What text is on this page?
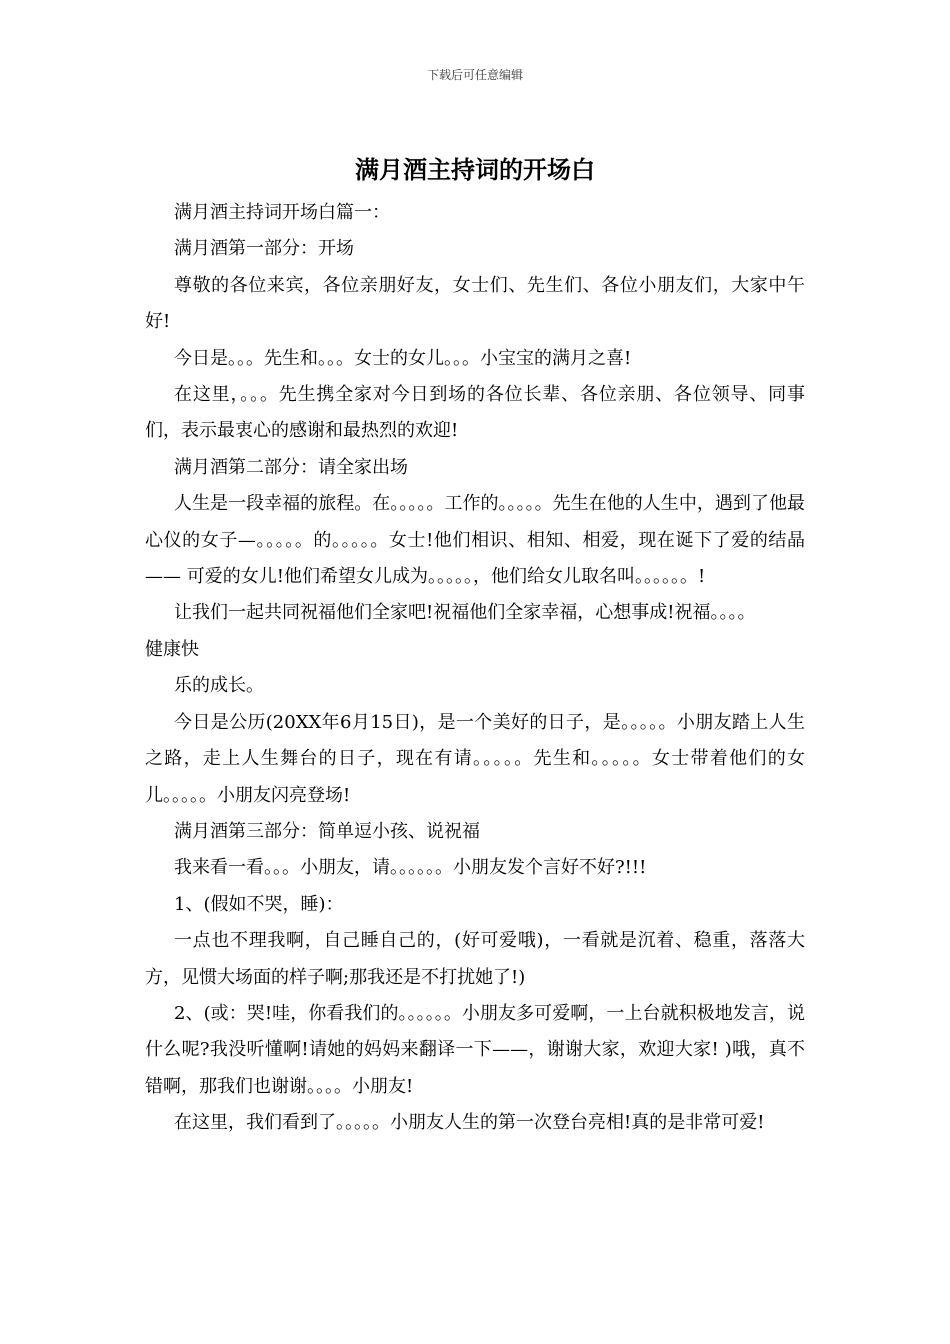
下载后可任意编辑
满月酒主持词的开场白

满月酒主持词开场白篇一：

满月酒第一部分：开场

尊敬的各位来宾，各位亲朋好友，女士们、先生们、各位小朋友们，大家中午好!

今日是。。。先生和。。。女士的女儿。。。小宝宝的满月之喜!

在这里，。。。先生携全家对今日到场的各位长辈、各位亲朋、各位领导、同事们，表示最衷心的感谢和最热烈的欢迎!

满月酒第二部分：请全家出场

人生是一段幸福的旅程。在。。。。。工作的。。。。。先生在他的人生中，遇到了他最心仪的女子—。。。。。的。。。。。女士!他们相识、相知、相爱，现在诞下了爱的结晶—— 可爱的女儿!他们希望女儿成为。。。。。，他们给女儿取名叫。。。。。。!

让我们一起共同祝福他们全家吧!祝福他们全家幸福，心想事成!祝福。。。。

健康快

乐的成长。

今日是公历(20XX年6月15日)，是一个美好的日子，是。。。。。小朋友踏上人生之路，走上人生舞台的日子，现在有请。。。。。先生和。。。。。女士带着他们的女儿。。。。。小朋友闪亮登场!

满月酒第三部分：简单逗小孩、说祝福

我来看一看。。。小朋友，请。。。。。。小朋友发个言好不好?!!!

1、(假如不哭，睡)：

一点也不理我啊，自己睡自己的，(好可爱哦)，一看就是沉着、稳重，落落大方，见惯大场面的样子啊;那我还是不打扰她了!)

2、(或：哭!哇，你看我们的。。。。。。小朋友多可爱啊，一上台就积极地发言，说什么呢?我没听懂啊!请她的妈妈来翻译一下——，谢谢大家，欢迎大家! )哦，真不错啊，那我们也谢谢。。。。小朋友!

在这里，我们看到了。。。。。小朋友人生的第一次登台亮相!真的是非常可爱!
